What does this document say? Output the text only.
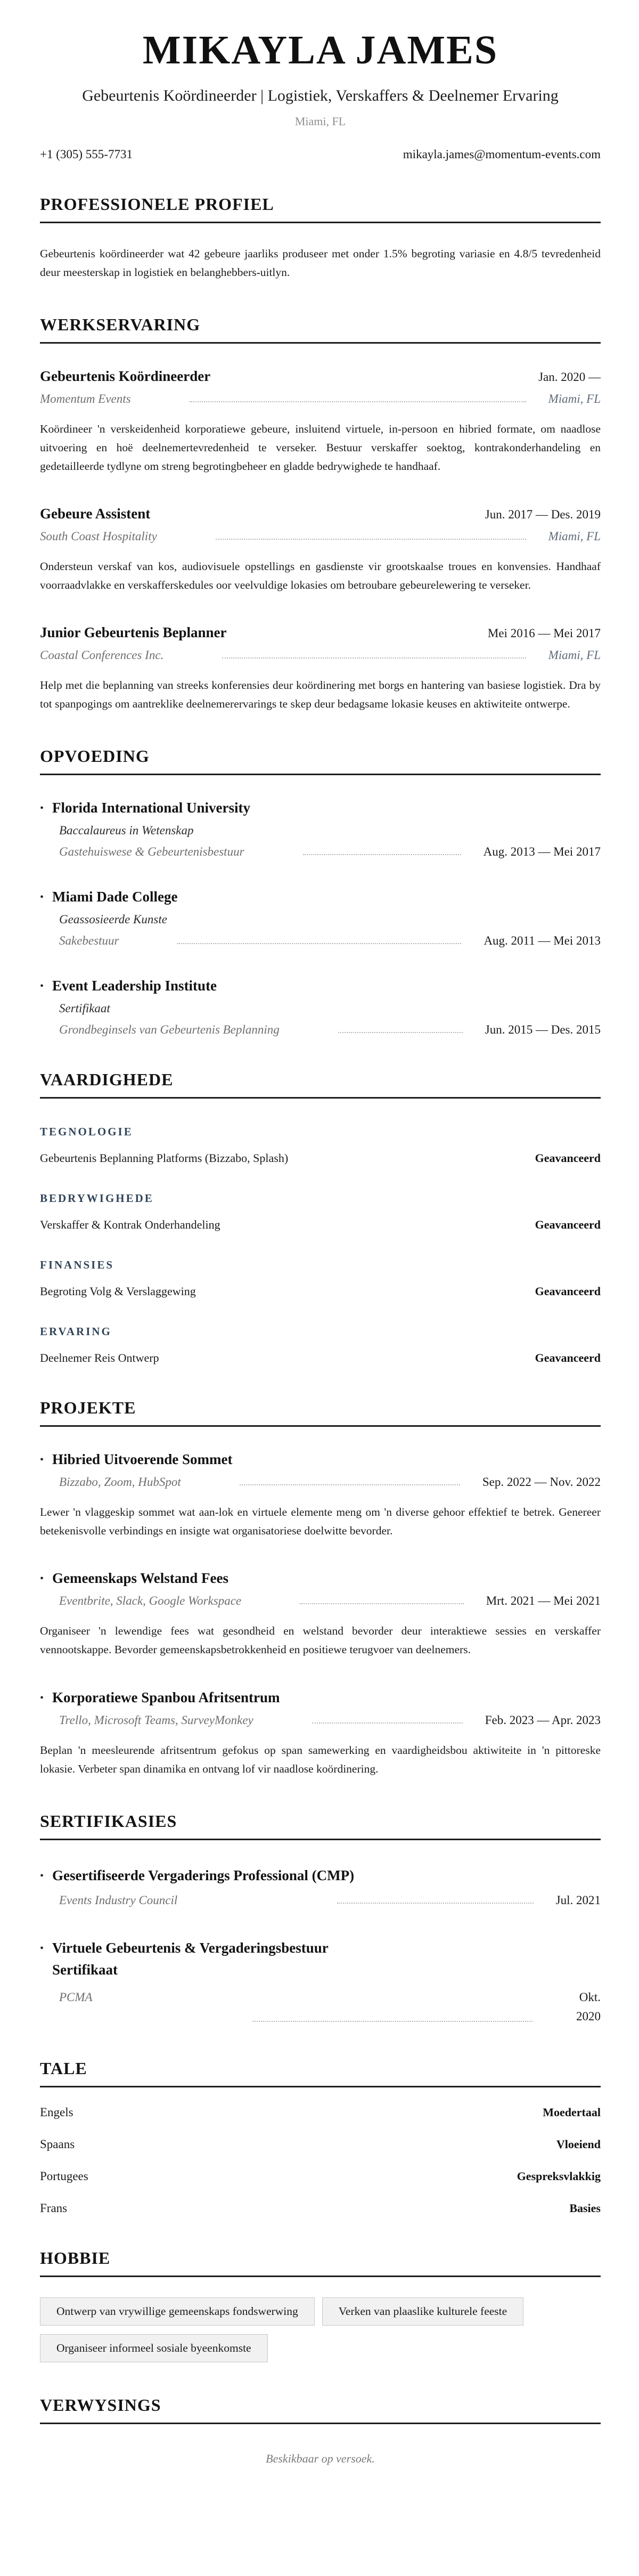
MIKAYLA JAMES
Gebeurtenis Koördineerder | Logistiek, Verskaffers & Deelnemer Ervaring
Miami, FL
+1 (305) 555-7731	mikayla.james@momentum-events.com
PROFESSIONELE PROFIEL

Gebeurtenis koördineerder wat 42 gebeure jaarliks produseer met onder 1.5% begroting variasie en 4.8/5 tevredenheid deur meesterskap in logistiek en belanghebbers-uitlyn.

WERKSERVARING
Gebeurtenis Koördineerder	Jan. 2020 —
Momentum Events	Miami, FL

Koördineer 'n verskeidenheid korporatiewe gebeure, insluitend virtuele, in-persoon en hibried formate, om naadlose uitvoering en hoë deelnemertevredenheid te verseker. Bestuur verskaffer soektog, kontrakonderhandeling en gedetailleerde tydlyne om streng begrotingbeheer en gladde bedrywighede te handhaaf.

Gebeure Assistent	Jun. 2017 — Des. 2019
South Coast Hospitality	Miami, FL

Ondersteun verskaf van kos, audiovisuele opstellings en gasdienste vir grootskaalse troues en konvensies. Handhaaf voorraadvlakke en verskafferskedules oor veelvuldige lokasies om betroubare gebeurelewering te verseker.

Junior Gebeurtenis Beplanner	Mei 2016 — Mei 2017
Coastal Conferences Inc.	Miami, FL

Help met die beplanning van streeks konferensies deur koördinering met borgs en hantering van basiese logistiek. Dra by tot spanpogings om aantreklike deelnemerervarings te skep deur bedagsame lokasie keuses en aktiwiteite ontwerpe.

OPVOEDING
• Florida International University
Baccalaureus in Wetenskap
Gastehuiswese & Gebeurtenisbestuur	Aug. 2013 — Mei 2017
• Miami Dade College
Geassosieerde Kunste
Sakebestuur	Aug. 2011 — Mei 2013
• Event Leadership Institute
Sertifikaat
Grondbeginsels van Gebeurtenis Beplanning	Jun. 2015 — Des. 2015
VAARDIGHEDE
TEGNOLOGIE
Gebeurtenis Beplanning Platforms (Bizzabo, Splash)	Geavanceerd
BEDRYWIGHEDE
Verskaffer & Kontrak Onderhandeling	Geavanceerd
FINANSIES
Begroting Volg & Verslaggewing	Geavanceerd
ERVARING
Deelnemer Reis Ontwerp	Geavanceerd
PROJEKTE
• Hibried Uitvoerende Sommet
Bizzabo, Zoom, HubSpot	Sep. 2022 — Nov. 2022

Lewer 'n vlaggeskip sommet wat aan-lok en virtuele elemente meng om 'n diverse gehoor effektief te betrek. Genereer betekenisvolle verbindings en insigte wat organisatoriese doelwitte bevorder.

• Gemeenskaps Welstand Fees
Eventbrite, Slack, Google Workspace	Mrt. 2021 — Mei 2021

Organiseer 'n lewendige fees wat gesondheid en welstand bevorder deur interaktiewe sessies en verskaffer vennootskappe. Bevorder gemeenskapsbetrokkenheid en positiewe terugvoer van deelnemers.

• Korporatiewe Spanbou Afritsentrum
Trello, Microsoft Teams, SurveyMonkey	Feb. 2023 — Apr. 2023

Beplan 'n meesleurende afritsentrum gefokus op span samewerking en vaardigheidsbou aktiwiteite in 'n pittoreske lokasie. Verbeter span dinamika en ontvang lof vir naadlose koördinering.

SERTIFIKASIES
• Gesertifiseerde Vergaderings Professional (CMP)
Events Industry Council	Jul. 2021
• Virtuele Gebeurtenis & Vergaderingsbestuur Sertifikaat
PCMA	Okt. 2020
TALE
Engels	Moedertaal
Spaans	Vloeiend
Portugees	Gespreksvlakkig
Frans	Basies
HOBBIE
Ontwerp van vrywillige gemeenskaps fondswerwing	Verken van plaaslike kulturele feeste
Organiseer informeel sosiale byeenkomste
VERWYSINGS
Beskikbaar op versoek.
